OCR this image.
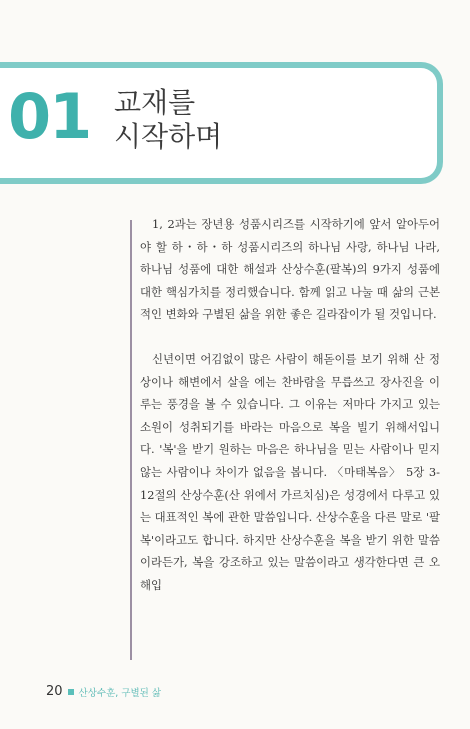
01 교재를
시작하며

1, 2과는 장년용 성품시리즈를 시작하기에 앞서 알아두어야 할 하・하・하 성품시리즈의 하나님 사랑, 하나님 나라, 하나님 성품에 대한 해설과 산상수훈(팔복)의 9가지 성품에 대한 핵심가치를 정리했습니다. 함께 읽고 나눌 때 삶의 근본적인 변화와 구별된 삶을 위한 좋은 길라잡이가 될 것입니다.

신년이면 어김없이 많은 사람이 해돋이를 보기 위해 산 정상이나 해변에서 살을 에는 찬바람을 무릅쓰고 장사진을 이루는 풍경을 볼 수 있습니다. 그 이유는 저마다 가지고 있는 소원이 성취되기를 바라는 마음으로 복을 빌기 위해서입니다. '복'을 받기 원하는 마음은 하나님을 믿는 사람이나 믿지 않는 사람이나 차이가 없음을 봅니다. 〈마태복음〉 5장 3-12절의 산상수훈(산 위에서 가르치심)은 성경에서 다루고 있는 대표적인 복에 관한 말씀입니다. 산상수훈을 다른 말로 '팔복'이라고도 합니다. 하지만 산상수훈을 복을 받기 위한 말씀이라든가, 복을 강조하고 있는 말씀이라고 생각한다면 큰 오해입

20 산상수훈, 구별된 삶
